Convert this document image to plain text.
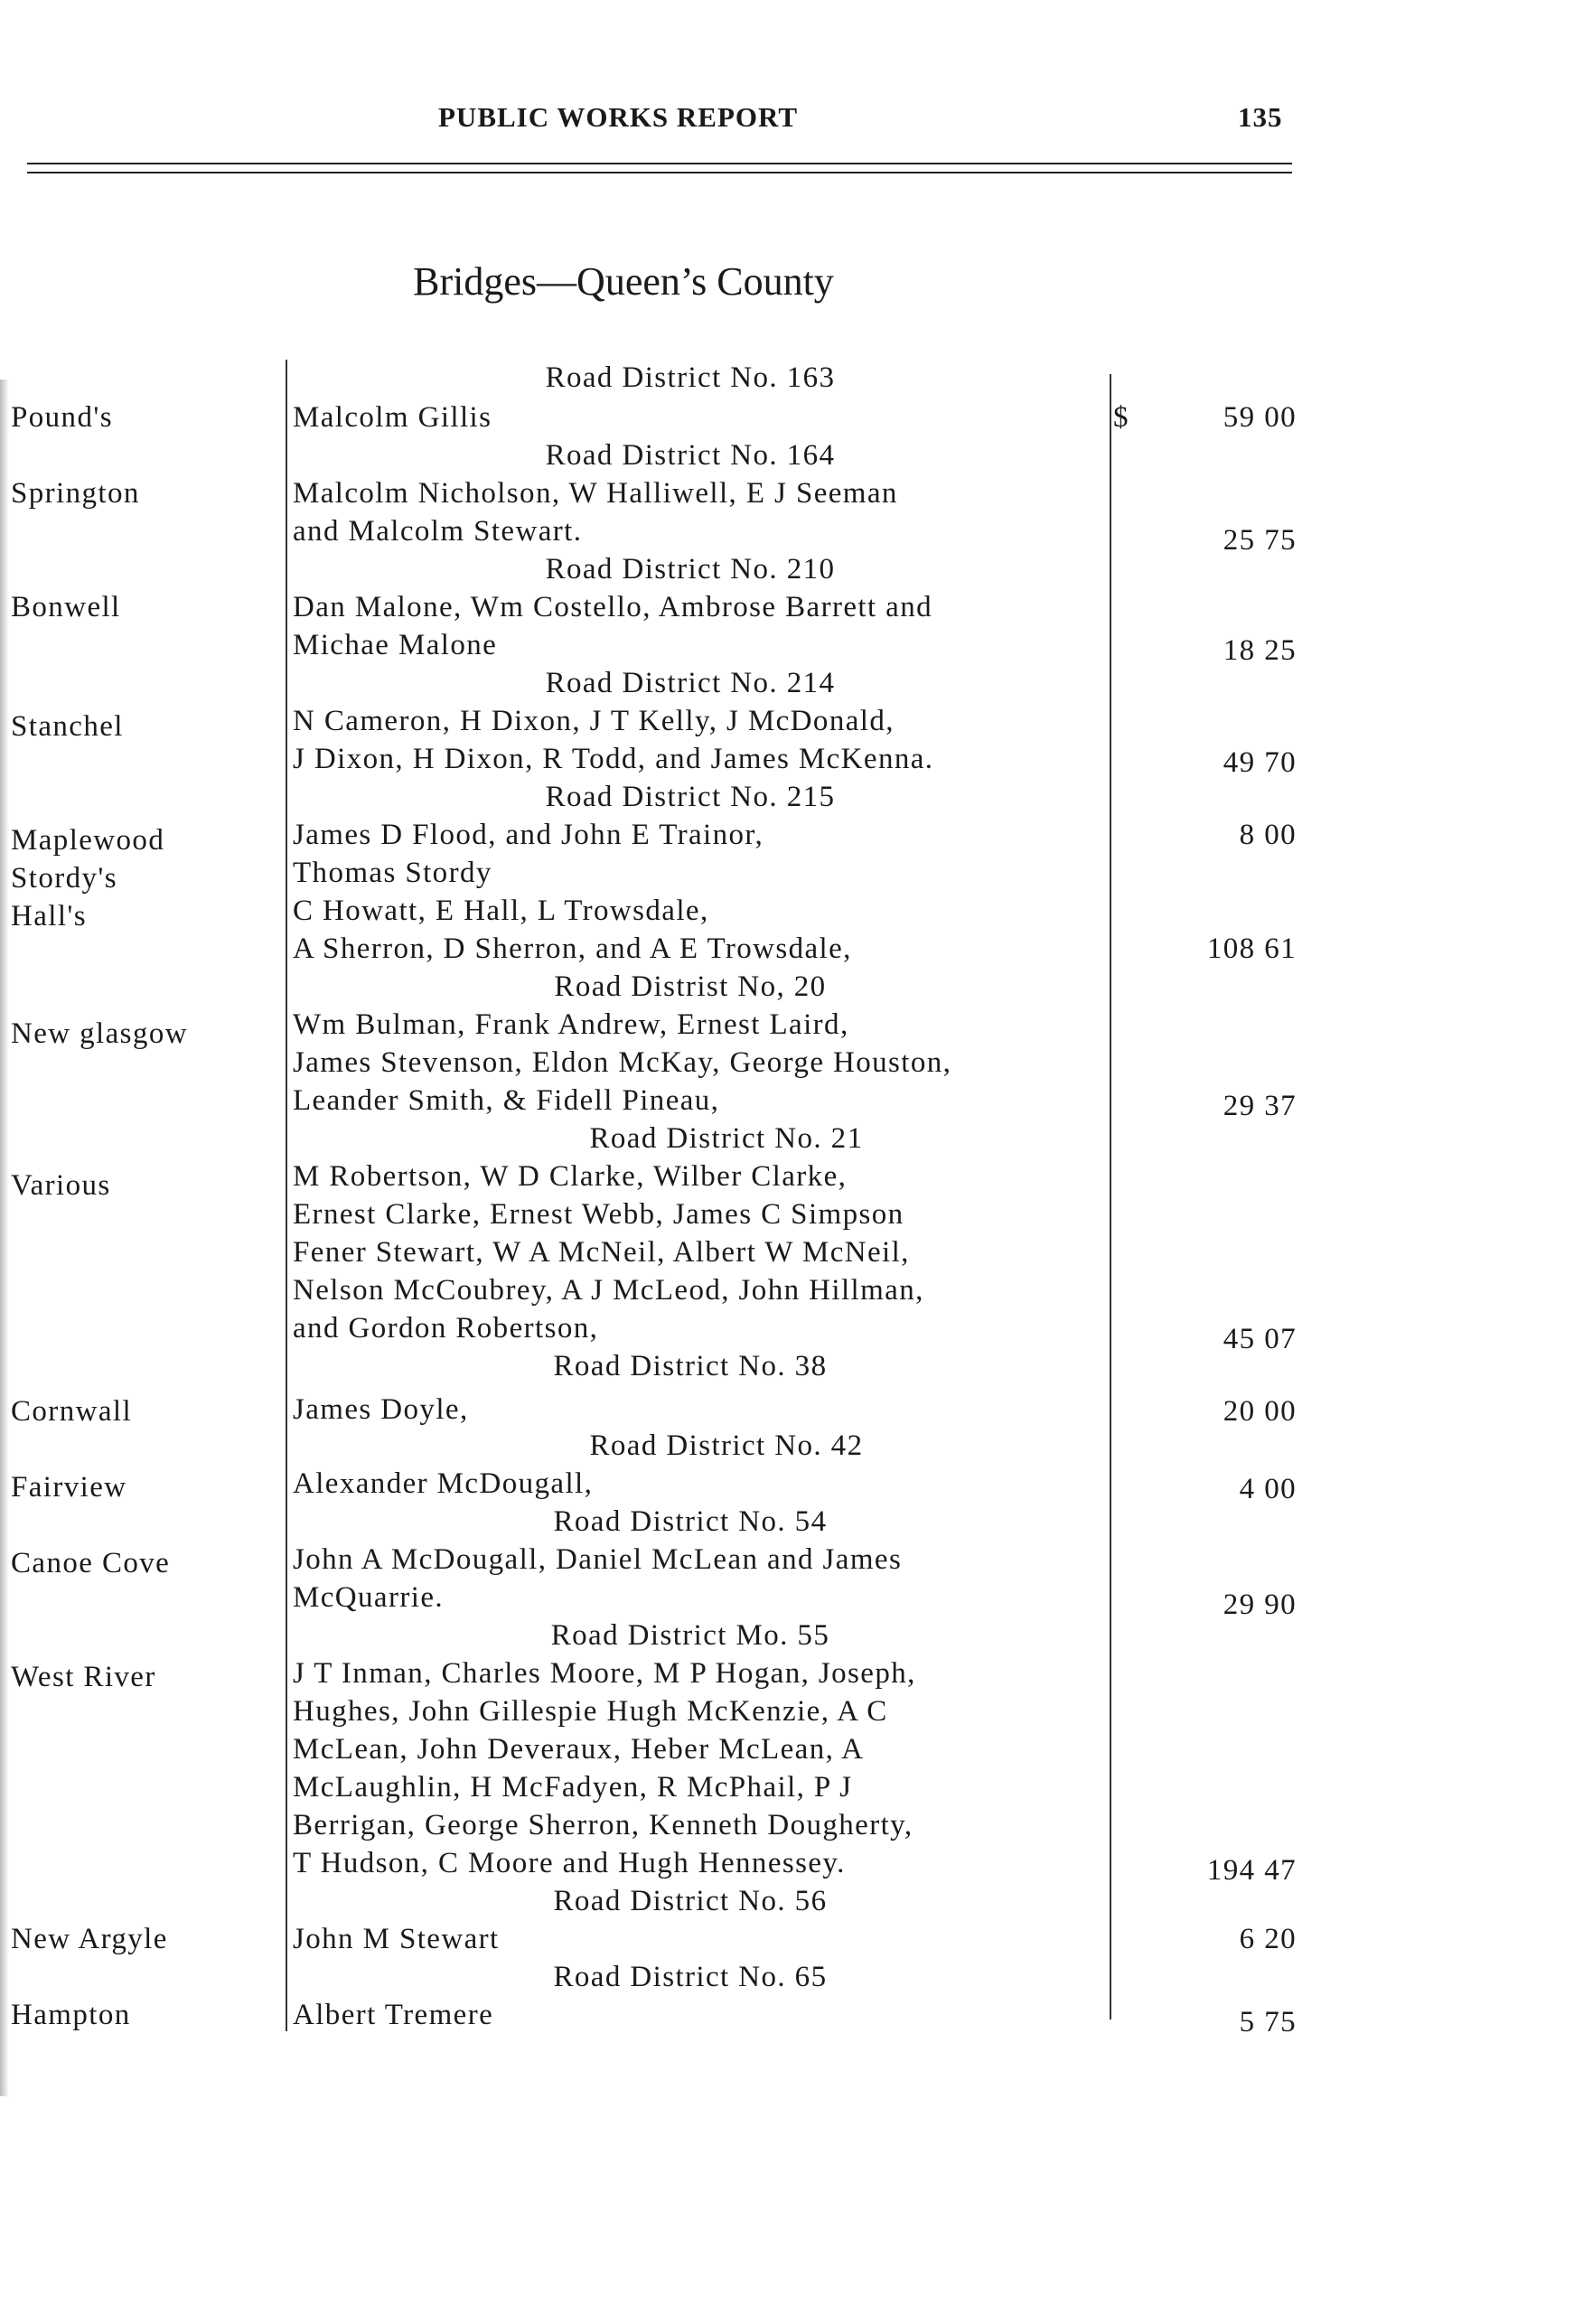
PUBLIC WORKS REPORT	135
Bridges—Queen’s County
Road District No. 163
Pound's	Malcolm Gillis	$	59 00
Road District No. 164
Springton	Malcolm Nicholson, W Halliwell, E J Seeman
and Malcolm Stewart.	25 75
Road District No. 210
Bonwell	Dan Malone, Wm Costello, Ambrose Barrett and
Michae Malone	18 25
Road District No. 214
Stanchel	N Cameron, H Dixon, J T Kelly, J McDonald,
J Dixon, H Dixon, R Todd, and James McKenna.	49 70
Road District No. 215
Maplewood	James D Flood, and John E Trainor,	8 00
Stordy's	Thomas Stordy
Hall's	C Howatt, E Hall, L Trowsdale,
A Sherron, D Sherron, and A E Trowsdale,	108 61
Road Distrist No, 20
New glasgow	Wm Bulman, Frank Andrew, Ernest Laird,
James Stevenson, Eldon McKay, George Houston,
Leander Smith, & Fidell Pineau,	29 37
Road District No. 21
Various	M Robertson, W D Clarke, Wilber Clarke,
Ernest Clarke, Ernest Webb, James C Simpson
Fener Stewart, W A McNeil, Albert W McNeil,
Nelson McCoubrey, A J McLeod, John Hillman,
and Gordon Robertson,	45 07
Road District No. 38
Cornwall	James Doyle,	20 00
Road District No. 42
Fairview	Alexander McDougall,	4 00
Road District No. 54
Canoe Cove	John A McDougall, Daniel McLean and James
McQuarrie.	29 90
Road District Mo. 55
West River	J T Inman, Charles Moore, M P Hogan, Joseph,
Hughes, John Gillespie Hugh McKenzie, A C
McLean, John Deveraux, Heber McLean, A
McLaughlin, H McFadyen, R McPhail, P J
Berrigan, George Sherron, Kenneth Dougherty,
T Hudson, C Moore and Hugh Hennessey.	194 47
Road District No. 56
New Argyle	John M Stewart	6 20
Road District No. 65
Hampton	Albert Tremere	5 75
